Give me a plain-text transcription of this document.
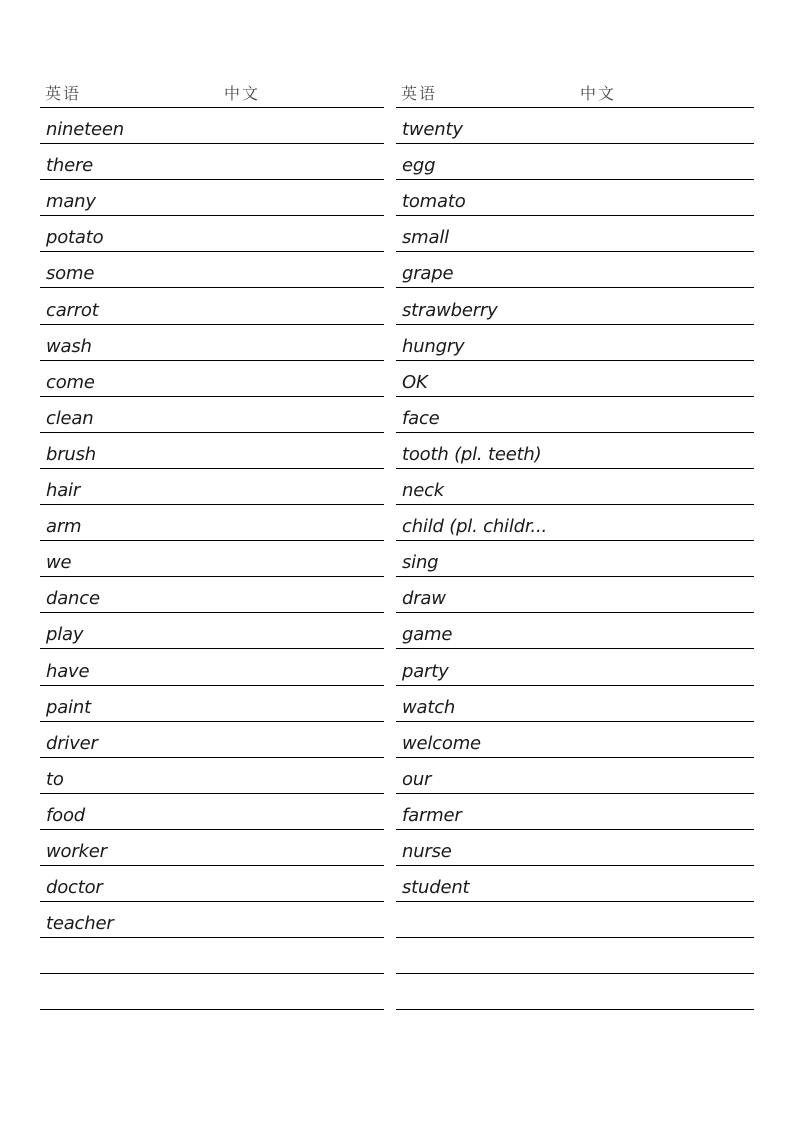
英语	中文
nineteen
there
many
potato
some
carrot
wash
come
clean
brush
hair
arm
we
dance
play
have
paint
driver
to
food
worker
doctor
teacher
英语	中文
twenty
egg
tomato
small
grape
strawberry
hungry
OK
face
tooth (pl. teeth)
neck
child (pl. childr...
sing
draw
game
party
watch
welcome
our
farmer
nurse
student
